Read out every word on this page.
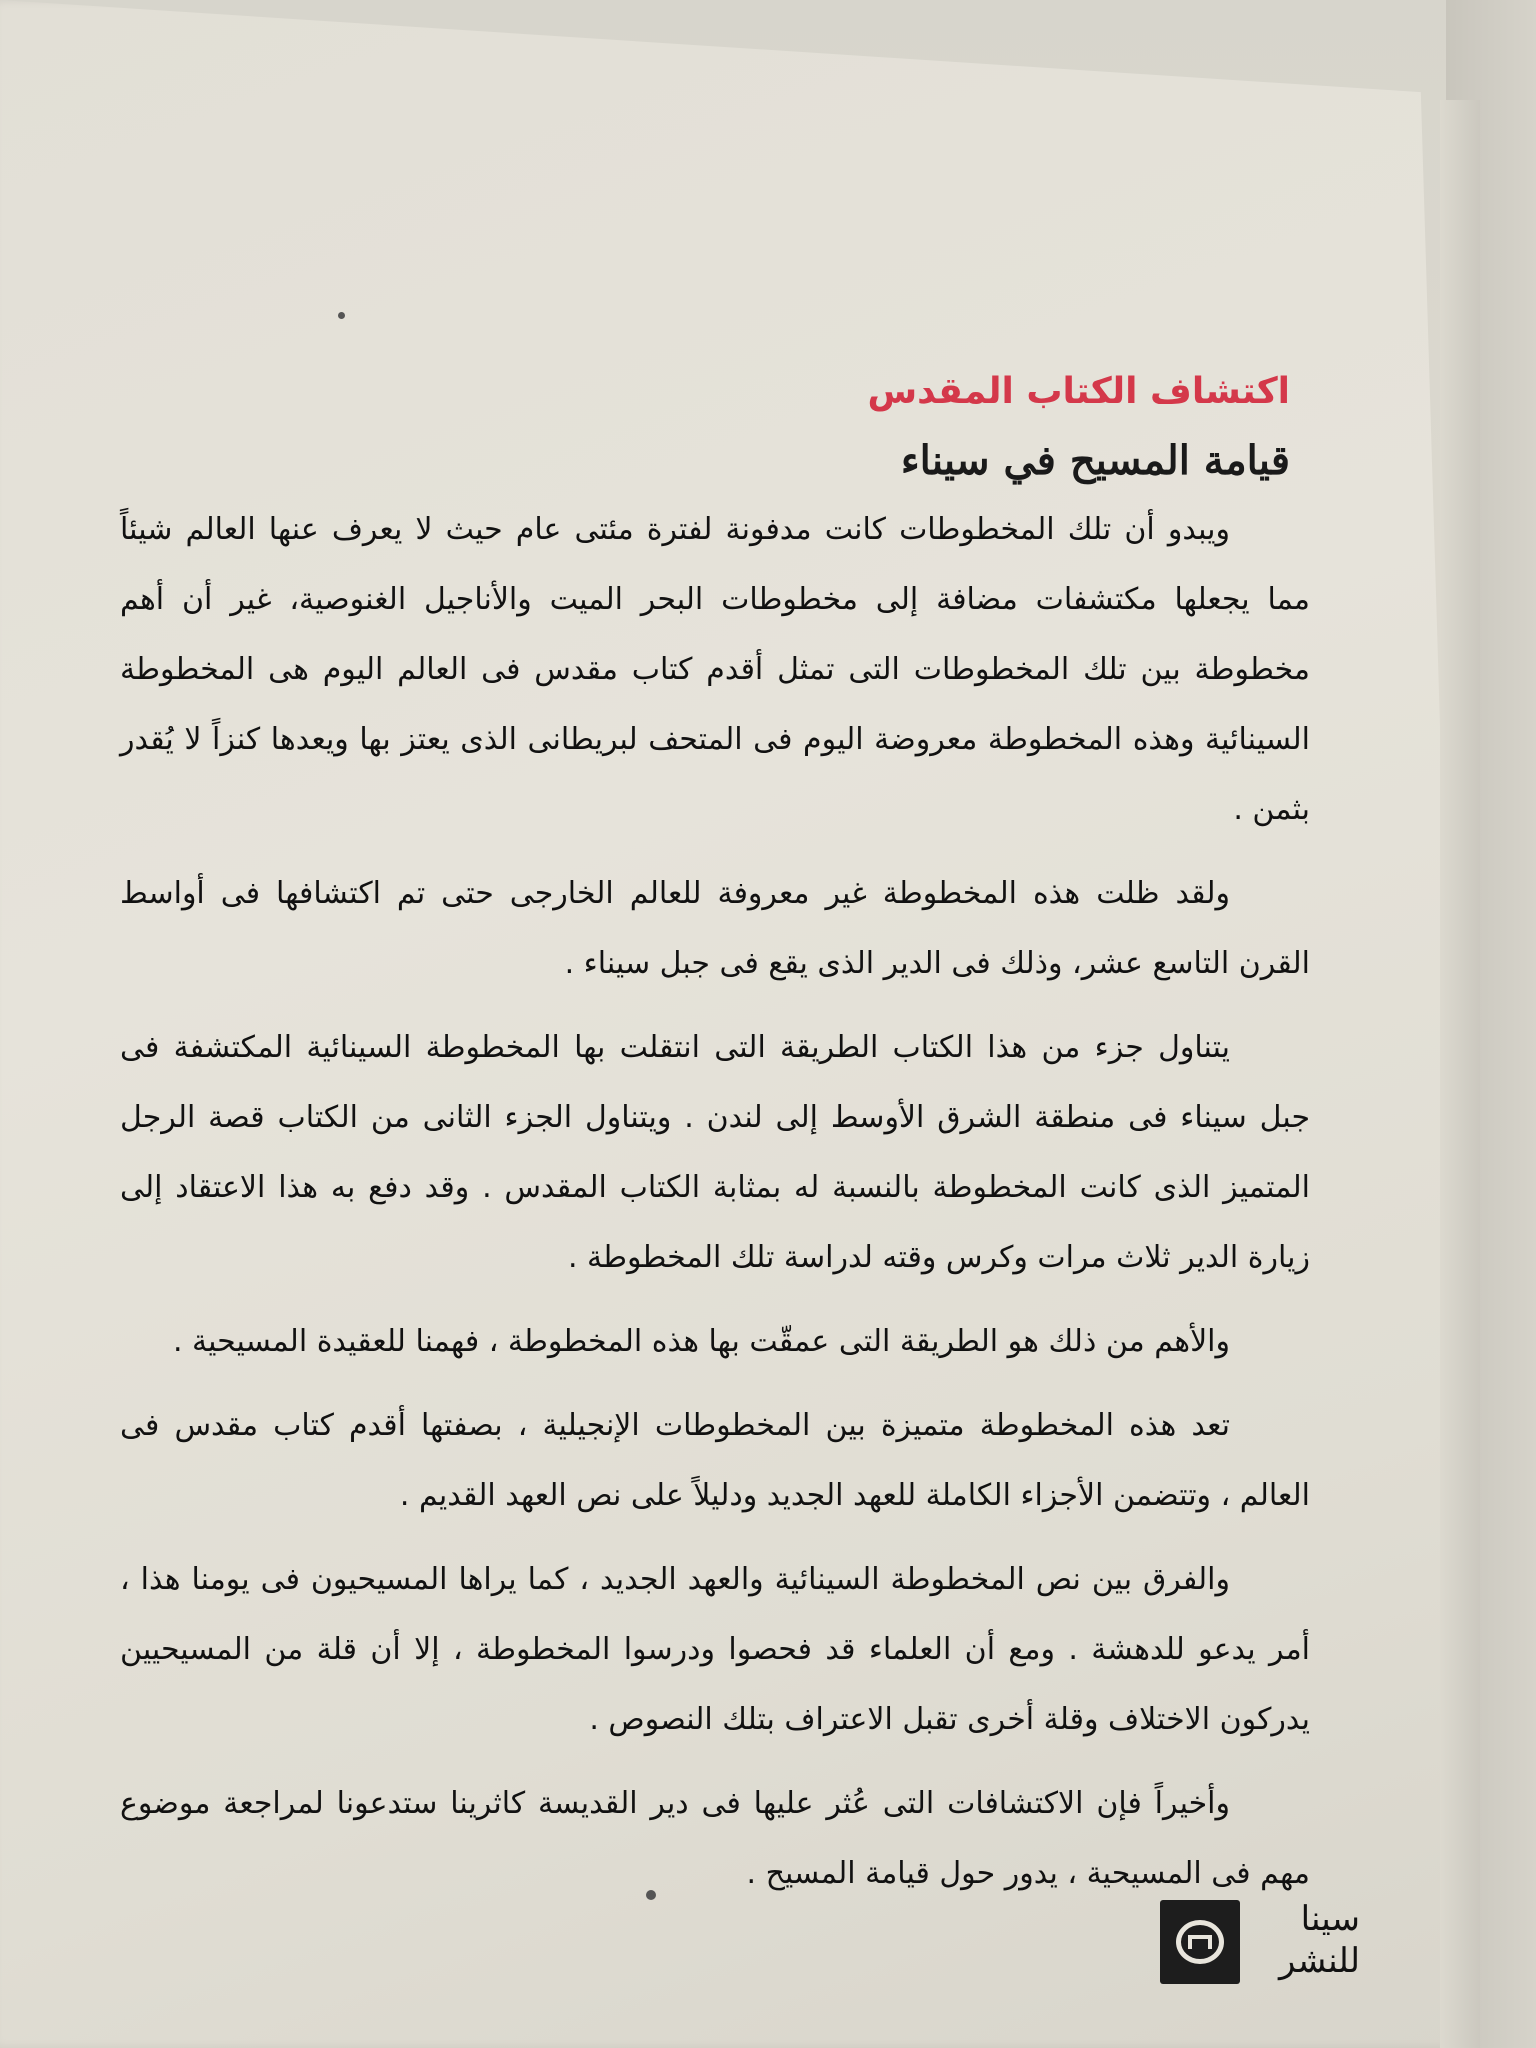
اكتشاف الكتاب المقدس
قيامة المسيح في سيناء

ويبدو أن تلك المخطوطات كانت مدفونة لفترة مئتى عام حيث لا يعرف عنها العالم شيئاً مما يجعلها مكتشفات مضافة إلى مخطوطات البحر الميت والأناجيل الغنوصية، غير أن أهم مخطوطة بين تلك المخطوطات التى تمثل أقدم كتاب مقدس فى العالم اليوم هى المخطوطة السينائية وهذه المخطوطة معروضة اليوم فى المتحف لبريطانى الذى يعتز بها ويعدها كنزاً لا يُقدر بثمن .

ولقد ظلت هذه المخطوطة غير معروفة للعالم الخارجى حتى تم اكتشافها فى أواسط القرن التاسع عشر، وذلك فى الدير الذى يقع فى جبل سيناء .

يتناول جزء من هذا الكتاب الطريقة التى انتقلت بها المخطوطة السينائية المكتشفة فى جبل سيناء فى منطقة الشرق الأوسط إلى لندن . ويتناول الجزء الثانى من الكتاب قصة الرجل المتميز الذى كانت المخطوطة بالنسبة له بمثابة الكتاب المقدس . وقد دفع به هذا الاعتقاد إلى زيارة الدير ثلاث مرات وكرس وقته لدراسة تلك المخطوطة .

والأهم من ذلك هو الطريقة التى عمقّت بها هذه المخطوطة ، فهمنا للعقيدة المسيحية .

تعد هذه المخطوطة متميزة بين المخطوطات الإنجيلية ، بصفتها أقدم كتاب مقدس فى العالم ، وتتضمن الأجزاء الكاملة للعهد الجديد ودليلاً على نص العهد القديم .

والفرق بين نص المخطوطة السينائية والعهد الجديد ، كما يراها المسيحيون فى يومنا هذا ، أمر يدعو للدهشة . ومع أن العلماء قد فحصوا ودرسوا المخطوطة ، إلا أن قلة من المسيحيين يدركون الاختلاف وقلة أخرى تقبل الاعتراف بتلك النصوص .

وأخيراً فإن الاكتشافات التى عُثر عليها فى دير القديسة كاثرينا ستدعونا لمراجعة موضوع مهم فى المسيحية ، يدور حول قيامة المسيح .

سينا
للنشر
